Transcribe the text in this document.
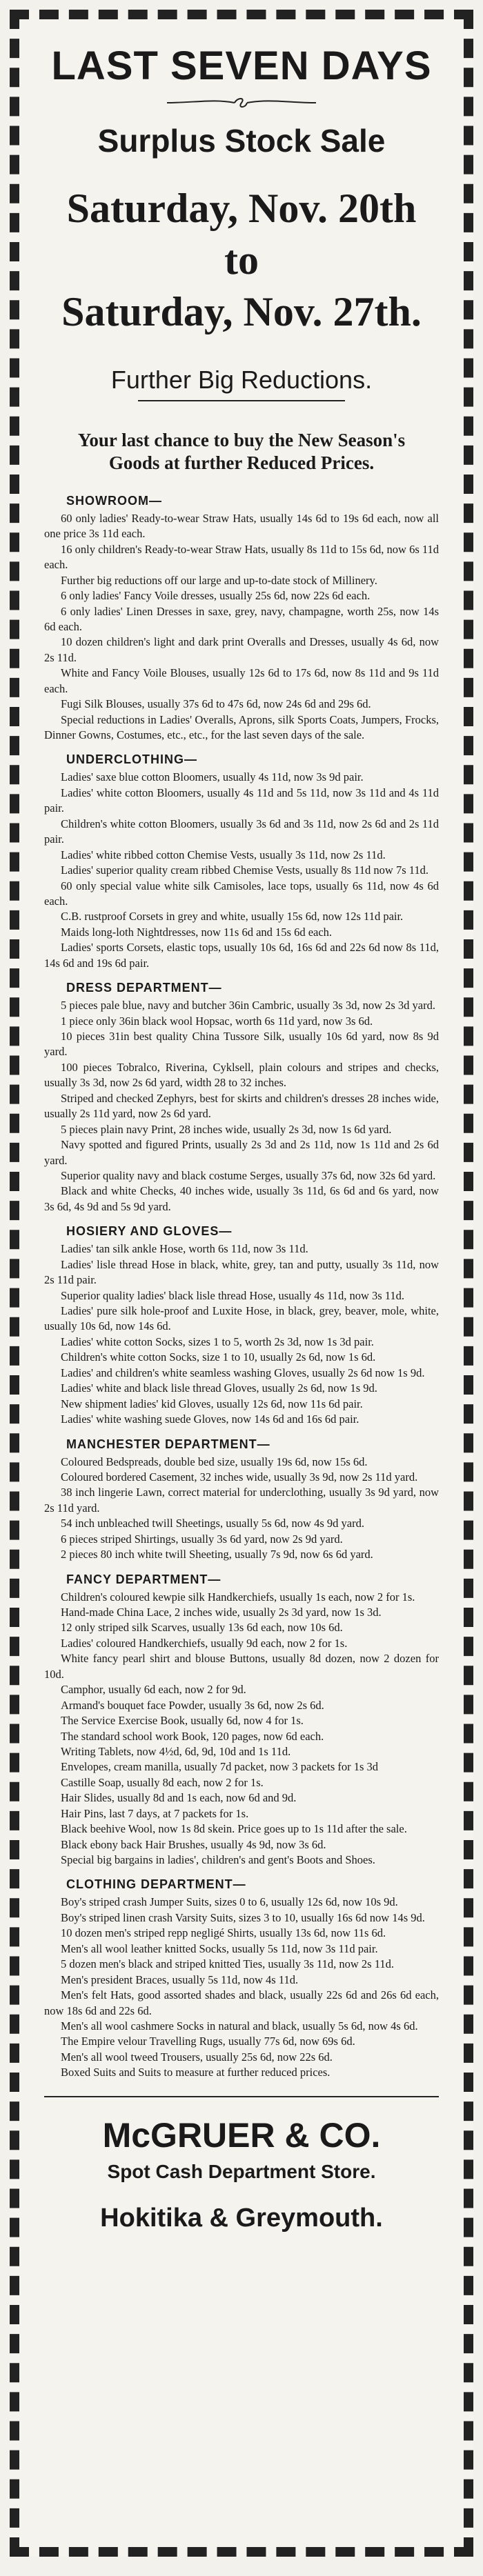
LAST SEVEN DAYS
Surplus Stock Sale
Saturday, Nov. 20th
to
Saturday, Nov. 27th.
Further Big Reductions.
Your last chance to buy the New Season's Goods at further Reduced Prices.
SHOWROOM—

60 only ladies' Ready-to-wear Straw Hats, usually 14s 6d to 19s 6d each, now all one price 3s 11d each.

16 only children's Ready-to-wear Straw Hats, usually 8s 11d to 15s 6d, now 6s 11d each.

Further big reductions off our large and up-to-date stock of Millinery.

6 only ladies' Fancy Voile dresses, usually 25s 6d, now 22s 6d each.

6 only ladies' Linen Dresses in saxe, grey, navy, champagne, worth 25s, now 14s 6d each.

10 dozen children's light and dark print Overalls and Dresses, usually 4s 6d, now 2s 11d.

White and Fancy Voile Blouses, usually 12s 6d to 17s 6d, now 8s 11d and 9s 11d each.

Fugi Silk Blouses, usually 37s 6d to 47s 6d, now 24s 6d and 29s 6d.

Special reductions in Ladies' Overalls, Aprons, silk Sports Coats, Jumpers, Frocks, Dinner Gowns, Costumes, etc., etc., for the last seven days of the sale.

UNDERCLOTHING—

Ladies' saxe blue cotton Bloomers, usually 4s 11d, now 3s 9d pair.

Ladies' white cotton Bloomers, usually 4s 11d and 5s 11d, now 3s 11d and 4s 11d pair.

Children's white cotton Bloomers, usually 3s 6d and 3s 11d, now 2s 6d and 2s 11d pair.

Ladies' white ribbed cotton Chemise Vests, usually 3s 11d, now 2s 11d.

Ladies' superior quality cream ribbed Chemise Vests, usually 8s 11d now 7s 11d.

60 only special value white silk Camisoles, lace tops, usually 6s 11d, now 4s 6d each.

C.B. rustproof Corsets in grey and white, usually 15s 6d, now 12s 11d pair.

Maids long-loth Nightdresses, now 11s 6d and 15s 6d each.

Ladies' sports Corsets, elastic tops, usually 10s 6d, 16s 6d and 22s 6d now 8s 11d, 14s 6d and 19s 6d pair.

DRESS DEPARTMENT—

5 pieces pale blue, navy and butcher 36in Cambric, usually 3s 3d, now 2s 3d yard.

1 piece only 36in black wool Hopsac, worth 6s 11d yard, now 3s 6d.

10 pieces 31in best quality China Tussore Silk, usually 10s 6d yard, now 8s 9d yard.

100 pieces Tobralco, Riverina, Cyklsell, plain colours and stripes and checks, usually 3s 3d, now 2s 6d yard, width 28 to 32 inches.

Striped and checked Zephyrs, best for skirts and children's dresses 28 inches wide, usually 2s 11d yard, now 2s 6d yard.

5 pieces plain navy Print, 28 inches wide, usually 2s 3d, now 1s 6d yard.

Navy spotted and figured Prints, usually 2s 3d and 2s 11d, now 1s 11d and 2s 6d yard.

Superior quality navy and black costume Serges, usually 37s 6d, now 32s 6d yard.

Black and white Checks, 40 inches wide, usually 3s 11d, 6s 6d and 6s yard, now 3s 6d, 4s 9d and 5s 9d yard.

HOSIERY AND GLOVES—

Ladies' tan silk ankle Hose, worth 6s 11d, now 3s 11d.

Ladies' lisle thread Hose in black, white, grey, tan and putty, usually 3s 11d, now 2s 11d pair.

Superior quality ladies' black lisle thread Hose, usually 4s 11d, now 3s 11d.

Ladies' pure silk hole-proof and Luxite Hose, in black, grey, beaver, mole, white, usually 10s 6d, now 14s 6d.

Ladies' white cotton Socks, sizes 1 to 5, worth 2s 3d, now 1s 3d pair.

Children's white cotton Socks, size 1 to 10, usually 2s 6d, now 1s 6d.

Ladies' and children's white seamless washing Gloves, usually 2s 6d now 1s 9d.

Ladies' white and black lisle thread Gloves, usually 2s 6d, now 1s 9d.

New shipment ladies' kid Gloves, usually 12s 6d, now 11s 6d pair.

Ladies' white washing suede Gloves, now 14s 6d and 16s 6d pair.

MANCHESTER DEPARTMENT—

Coloured Bedspreads, double bed size, usually 19s 6d, now 15s 6d.

Coloured bordered Casement, 32 inches wide, usually 3s 9d, now 2s 11d yard.

38 inch lingerie Lawn, correct material for underclothing, usually 3s 9d yard, now 2s 11d yard.

54 inch unbleached twill Sheetings, usually 5s 6d, now 4s 9d yard.

6 pieces striped Shirtings, usually 3s 6d yard, now 2s 9d yard.

2 pieces 80 inch white twill Sheeting, usually 7s 9d, now 6s 6d yard.

FANCY DEPARTMENT—

Children's coloured kewpie silk Handkerchiefs, usually 1s each, now 2 for 1s.

Hand-made China Lace, 2 inches wide, usually 2s 3d yard, now 1s 3d.

12 only striped silk Scarves, usually 13s 6d each, now 10s 6d.

Ladies' coloured Handkerchiefs, usually 9d each, now 2 for 1s.

White fancy pearl shirt and blouse Buttons, usually 8d dozen, now 2 dozen for 10d.

Camphor, usually 6d each, now 2 for 9d.

Armand's bouquet face Powder, usually 3s 6d, now 2s 6d.

The Service Exercise Book, usually 6d, now 4 for 1s.

The standard school work Book, 120 pages, now 6d each.

Writing Tablets, now 4½d, 6d, 9d, 10d and 1s 11d.

Envelopes, cream manilla, usually 7d packet, now 3 packets for 1s 3d

Castille Soap, usually 8d each, now 2 for 1s.

Hair Slides, usually 8d and 1s each, now 6d and 9d.

Hair Pins, last 7 days, at 7 packets for 1s.

Black beehive Wool, now 1s 8d skein. Price goes up to 1s 11d after the sale.

Black ebony back Hair Brushes, usually 4s 9d, now 3s 6d.

Special big bargains in ladies', children's and gent's Boots and Shoes.

CLOTHING DEPARTMENT—

Boy's striped crash Jumper Suits, sizes 0 to 6, usually 12s 6d, now 10s 9d.

Boy's striped linen crash Varsity Suits, sizes 3 to 10, usually 16s 6d now 14s 9d.

10 dozen men's striped repp negligé Shirts, usually 13s 6d, now 11s 6d.

Men's all wool leather knitted Socks, usually 5s 11d, now 3s 11d pair.

5 dozen men's black and striped knitted Ties, usually 3s 11d, now 2s 11d.

Men's president Braces, usually 5s 11d, now 4s 11d.

Men's felt Hats, good assorted shades and black, usually 22s 6d and 26s 6d each, now 18s 6d and 22s 6d.

Men's all wool cashmere Socks in natural and black, usually 5s 6d, now 4s 6d.

The Empire velour Travelling Rugs, usually 77s 6d, now 69s 6d.

Men's all wool tweed Trousers, usually 25s 6d, now 22s 6d.

Boxed Suits and Suits to measure at further reduced prices.

McGRUER & CO.
Spot Cash Department Store.
Hokitika & Greymouth.
